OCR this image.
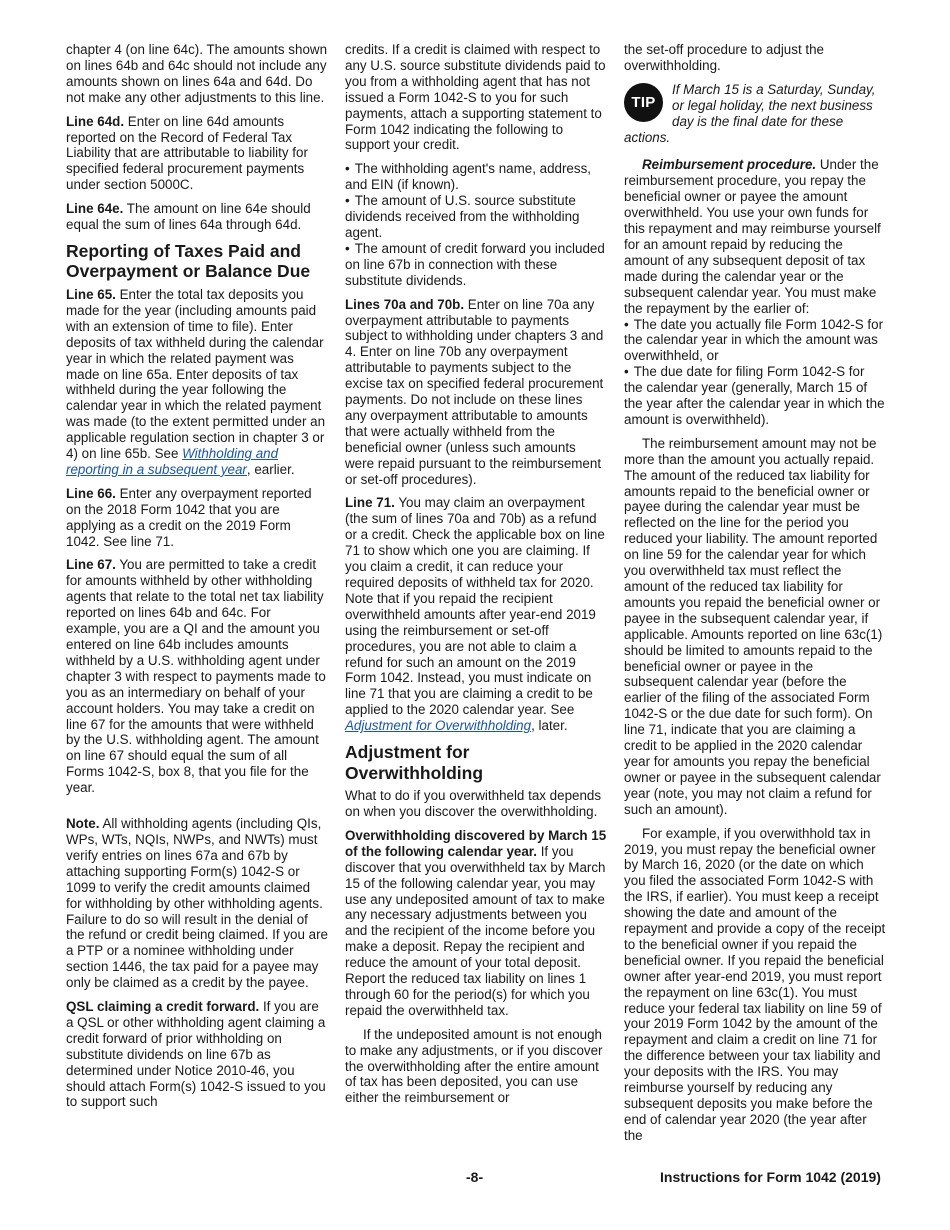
chapter 4 (on line 64c). The amounts shown on lines 64b and 64c should not include any amounts shown on lines 64a and 64d. Do not make any other adjustments to this line.

Line 64d. Enter on line 64d amounts reported on the Record of Federal Tax Liability that are attributable to liability for specified federal procurement payments under section 5000C.

Line 64e. The amount on line 64e should equal the sum of lines 64a through 64d.

Reporting of Taxes Paid and Overpayment or Balance Due

Line 65. Enter the total tax deposits you made for the year (including amounts paid with an extension of time to file). Enter deposits of tax withheld during the calendar year in which the related payment was made on line 65a. Enter deposits of tax withheld during the year following the calendar year in which the related payment was made (to the extent permitted under an applicable regulation section in chapter 3 or 4) on line 65b. See Withholding and reporting in a subsequent year, earlier.

Line 66. Enter any overpayment reported on the 2018 Form 1042 that you are applying as a credit on the 2019 Form 1042. See line 71.

Line 67. You are permitted to take a credit for amounts withheld by other withholding agents that relate to the total net tax liability reported on lines 64b and 64c. For example, you are a QI and the amount you entered on line 64b includes amounts withheld by a U.S. withholding agent under chapter 3 with respect to payments made to you as an intermediary on behalf of your account holders. You may take a credit on line 67 for the amounts that were withheld by the U.S. withholding agent. The amount on line 67 should equal the sum of all Forms 1042-S, box 8, that you file for the year.

Note. All withholding agents (including QIs, WPs, WTs, NQIs, NWPs, and NWTs) must verify entries on lines 67a and 67b by attaching supporting Form(s) 1042-S or 1099 to verify the credit amounts claimed for withholding by other withholding agents. Failure to do so will result in the denial of the refund or credit being claimed. If you are a PTP or a nominee withholding under section 1446, the tax paid for a payee may only be claimed as a credit by the payee.

QSL claiming a credit forward. If you are a QSL or other withholding agent claiming a credit forward of prior withholding on substitute dividends on line 67b as determined under Notice 2010-46, you should attach Form(s) 1042-S issued to you to support such

credits. If a credit is claimed with respect to any U.S. source substitute dividends paid to you from a withholding agent that has not issued a Form 1042-S to you for such payments, attach a supporting statement to Form 1042 indicating the following to support your credit.

• The withholding agent's name, address, and EIN (if known).

• The amount of U.S. source substitute dividends received from the withholding agent.

• The amount of credit forward you included on line 67b in connection with these substitute dividends.

Lines 70a and 70b. Enter on line 70a any overpayment attributable to payments subject to withholding under chapters 3 and 4. Enter on line 70b any overpayment attributable to payments subject to the excise tax on specified federal procurement payments. Do not include on these lines any overpayment attributable to amounts that were actually withheld from the beneficial owner (unless such amounts were repaid pursuant to the reimbursement or set-off procedures).

Line 71. You may claim an overpayment (the sum of lines 70a and 70b) as a refund or a credit. Check the applicable box on line 71 to show which one you are claiming. If you claim a credit, it can reduce your required deposits of withheld tax for 2020. Note that if you repaid the recipient overwithheld amounts after year-end 2019 using the reimbursement or set-off procedures, you are not able to claim a refund for such an amount on the 2019 Form 1042. Instead, you must indicate on line 71 that you are claiming a credit to be applied to the 2020 calendar year. See Adjustment for Overwithholding, later.

Adjustment for Overwithholding

What to do if you overwithheld tax depends on when you discover the overwithholding.

Overwithholding discovered by March 15 of the following calendar year. If you discover that you overwithheld tax by March 15 of the following calendar year, you may use any undeposited amount of tax to make any necessary adjustments between you and the recipient of the income before you make a deposit. Repay the recipient and reduce the amount of your total deposit. Report the reduced tax liability on lines 1 through 60 for the period(s) for which you repaid the overwithheld tax.

If the undeposited amount is not enough to make any adjustments, or if you discover the overwithholding after the entire amount of tax has been deposited, you can use either the reimbursement or

the set-off procedure to adjust the overwithholding.

TIP
If March 15 is a Saturday, Sunday, or legal holiday, the next business day is the final date for these actions.

Reimbursement procedure. Under the reimbursement procedure, you repay the beneficial owner or payee the amount overwithheld. You use your own funds for this repayment and may reimburse yourself for an amount repaid by reducing the amount of any subsequent deposit of tax made during the calendar year or the subsequent calendar year. You must make the repayment by the earlier of:

• The date you actually file Form 1042-S for the calendar year in which the amount was overwithheld, or

• The due date for filing Form 1042-S for the calendar year (generally, March 15 of the year after the calendar year in which the amount is overwithheld).

The reimbursement amount may not be more than the amount you actually repaid. The amount of the reduced tax liability for amounts repaid to the beneficial owner or payee during the calendar year must be reflected on the line for the period you reduced your liability. The amount reported on line 59 for the calendar year for which you overwithheld tax must reflect the amount of the reduced tax liability for amounts you repaid the beneficial owner or payee in the subsequent calendar year, if applicable. Amounts reported on line 63c(1) should be limited to amounts repaid to the beneficial owner or payee in the subsequent calendar year (before the earlier of the filing of the associated Form 1042-S or the due date for such form). On line 71, indicate that you are claiming a credit to be applied in the 2020 calendar year for amounts you repay the beneficial owner or payee in the subsequent calendar year (note, you may not claim a refund for such an amount).

For example, if you overwithhold tax in 2019, you must repay the beneficial owner by March 16, 2020 (or the date on which you filed the associated Form 1042-S with the IRS, if earlier). You must keep a receipt showing the date and amount of the repayment and provide a copy of the receipt to the beneficial owner if you repaid the beneficial owner. If you repaid the beneficial owner after year-end 2019, you must report the repayment on line 63c(1). You must reduce your federal tax liability on line 59 of your 2019 Form 1042 by the amount of the repayment and claim a credit on line 71 for the difference between your tax liability and your deposits with the IRS. You may reimburse yourself by reducing any subsequent deposits you make before the end of calendar year 2020 (the year after the

-8-	Instructions for Form 1042 (2019)
